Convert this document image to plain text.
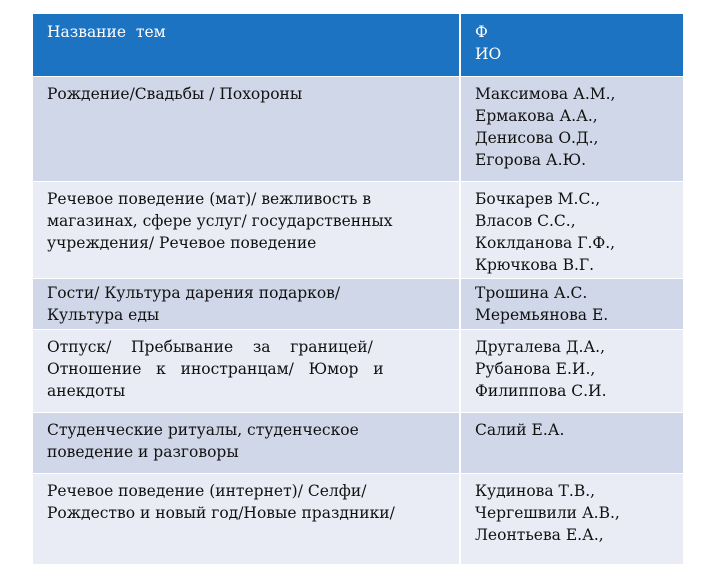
Название  тем	Ф
ИО
Рождение/Свадьбы / Похороны	Максимова А.М.,
Ермакова А.А.,
Денисова О.Д.,
Егорова А.Ю.
Речевое поведение (мат)/ вежливость в
магазинах, сфере услуг/ государственных
учреждения/ Речевое поведение
Бочкарев М.С.,
Власов С.С.,
Коклданова Г.Ф.,
Крючкова В.Г.
Гости/ Культура дарения подарков/
Культура еды
Трошина А.С.
Меремьянова Е.
Отпуск/    Пребывание    за    границей/
Отношение   к   иностранцам/   Юмор   и
анекдоты
Другалева Д.А.,
Рубанова Е.И.,
Филиппова С.И.
Студенческие ритуалы, студенческое
поведение и разговоры
Салий Е.А.
Речевое поведение (интернет)/ Селфи/
Рождество и новый год/Новые праздники/
Кудинова Т.В.,
Чергешвили А.В.,
Леонтьева Е.А.,
